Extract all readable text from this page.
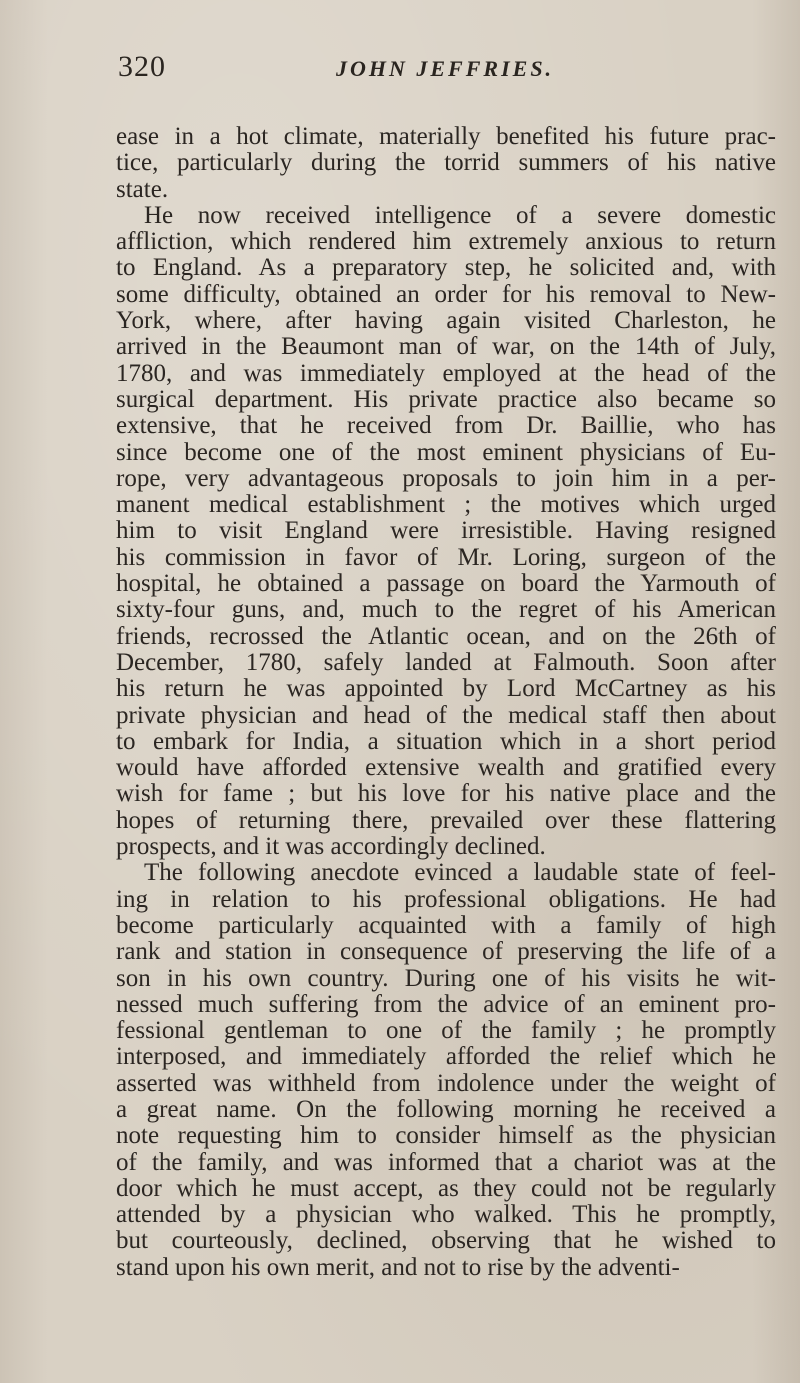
320	JOHN JEFFRIES.
ease in a hot climate, materially benefited his future prac-
tice, particularly during the torrid summers of his native
state.
He now received intelligence of a severe domestic
affliction, which rendered him extremely anxious to return
to England. As a preparatory step, he solicited and, with
some difficulty, obtained an order for his removal to New-
York, where, after having again visited Charleston, he
arrived in the Beaumont man of war, on the 14th of July,
1780, and was immediately employed at the head of the
surgical department. His private practice also became so
extensive, that he received from Dr. Baillie, who has
since become one of the most eminent physicians of Eu-
rope, very advantageous proposals to join him in a per-
manent medical establishment ; the motives which urged
him to visit England were irresistible. Having resigned
his commission in favor of Mr. Loring, surgeon of the
hospital, he obtained a passage on board the Yarmouth of
sixty-four guns, and, much to the regret of his American
friends, recrossed the Atlantic ocean, and on the 26th of
December, 1780, safely landed at Falmouth. Soon after
his return he was appointed by Lord McCartney as his
private physician and head of the medical staff then about
to embark for India, a situation which in a short period
would have afforded extensive wealth and gratified every
wish for fame ; but his love for his native place and the
hopes of returning there, prevailed over these flattering
prospects, and it was accordingly declined.
The following anecdote evinced a laudable state of feel-
ing in relation to his professional obligations. He had
become particularly acquainted with a family of high
rank and station in consequence of preserving the life of a
son in his own country. During one of his visits he wit-
nessed much suffering from the advice of an eminent pro-
fessional gentleman to one of the family ; he promptly
interposed, and immediately afforded the relief which he
asserted was withheld from indolence under the weight of
a great name. On the following morning he received a
note requesting him to consider himself as the physician
of the family, and was informed that a chariot was at the
door which he must accept, as they could not be regularly
attended by a physician who walked. This he promptly,
but courteously, declined, observing that he wished to
stand upon his own merit, and not to rise by the adventi-
